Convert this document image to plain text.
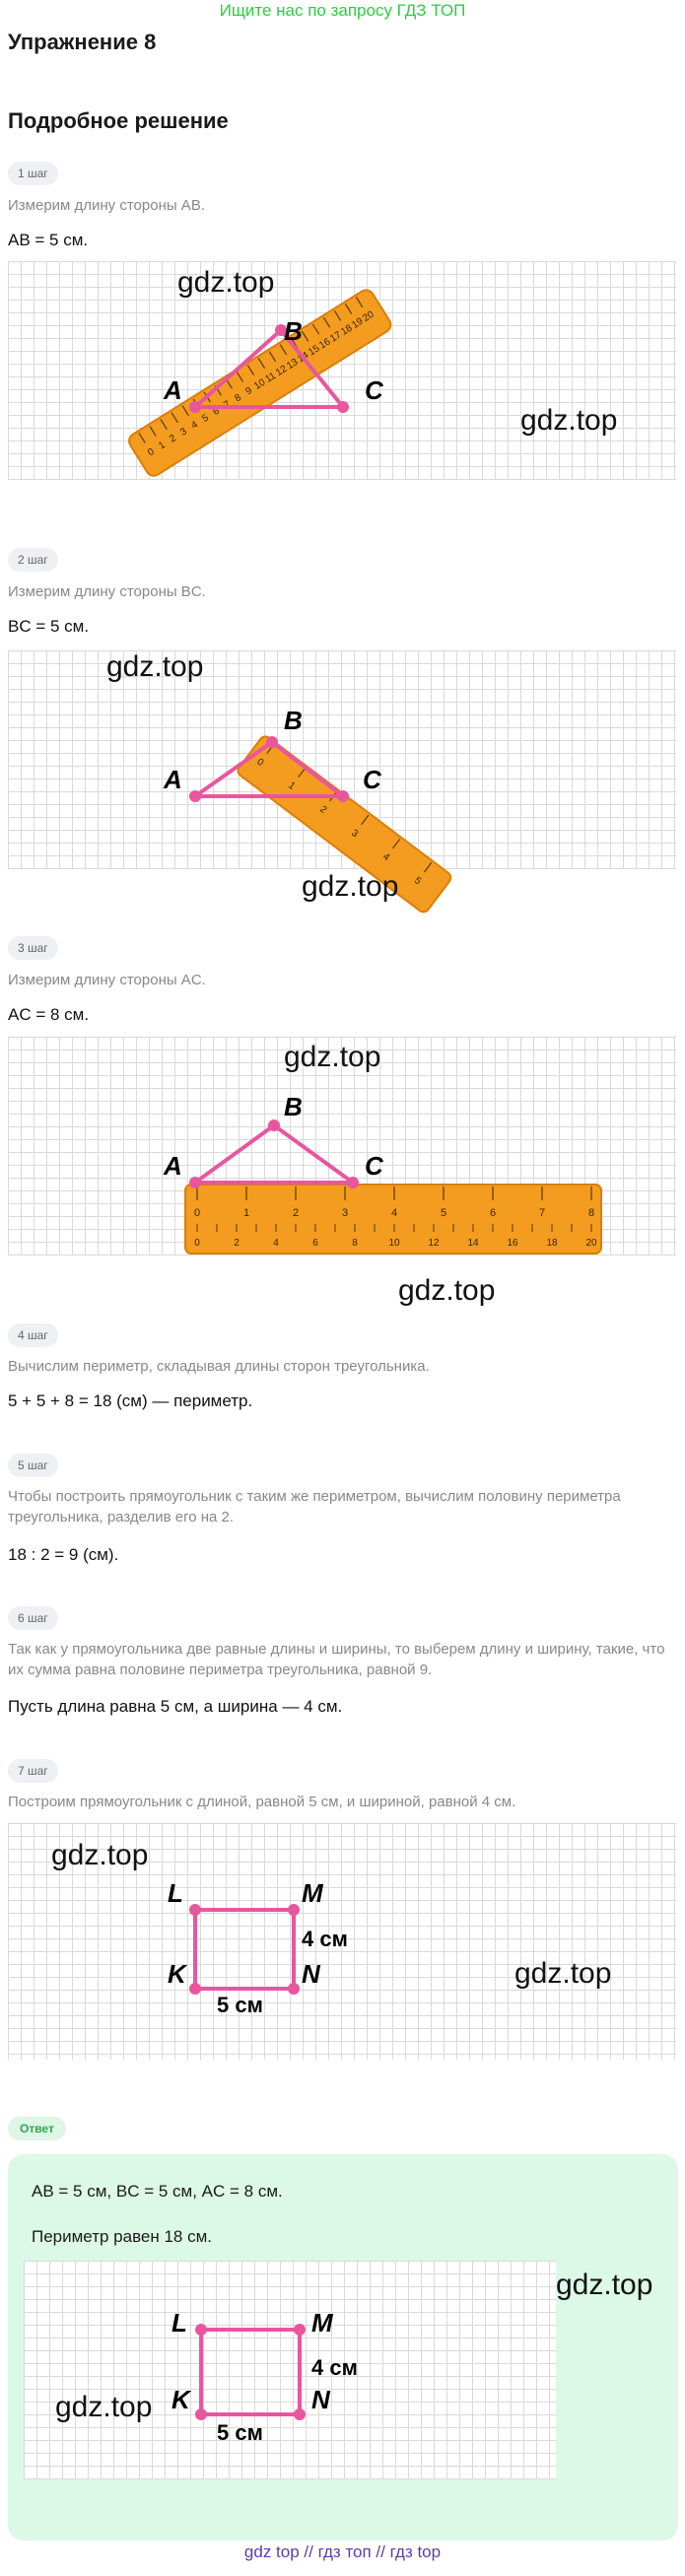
Ищите нас по запросу ГДЗ ТОП
Упражнение 8
Подробное решение
1 шаг
Измерим длину стороны AB.
AB = 5 см.
0
1
2
3
4
5
6
7
8
9
10
11
12
13
14
15
16
17
18
19
20
A
B
C
gdz.top
gdz.top
2 шаг
Измерим длину стороны BC.
BC = 5 см.
0
1
2
3
4
5
A
B
C
gdz.top
gdz.top
3 шаг
Измерим длину стороны AC.
AC = 8 см.
0	1	2	3	4	5	6	7	8
0	2	4	6	8	10	12	14	16	18	20
A
B
C
gdz.top
gdz.top
4 шаг
Вычислим периметр, складывая длины сторон треугольника.
5 + 5 + 8 = 18 (см) — периметр.
5 шаг
Чтобы построить прямоугольник с таким же периметром, вычислим половину периметра треугольника, разделив его на 2.
18 : 2 = 9 (см).
6 шаг
Так как у прямоугольника две равные длины и ширины, то выберем длину и ширину, такие, что их сумма равна половине периметра треугольника, равной 9.
Пусть длина равна 5 см, а ширина — 4 см.
7 шаг
Построим прямоугольник с длиной, равной 5 см, и шириной, равной 4 см.
L	M
K	N
4 см
5 см
gdz.top
gdz.top
Ответ
AB = 5 см, BC = 5 см, AC = 8 см.
Периметр равен 18 см.
L	M
K	N
4 см
5 см
gdz.top
gdz.top
gdz top // гдз топ // гдз top
